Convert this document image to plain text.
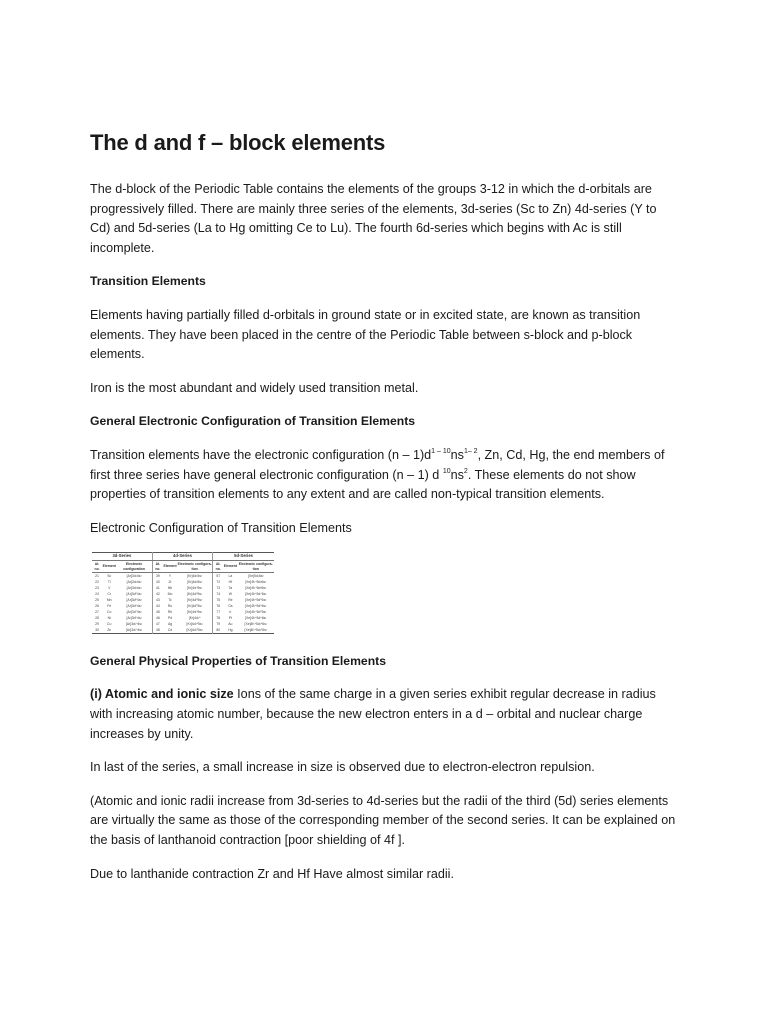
The d and f – block elements

The d-block of the Periodic Table contains the elements of the groups 3-12 in which the d-orbitals are progressively filled. There are mainly three series of the elements, 3d-series (Sc to Zn) 4d-series (Y to Cd) and 5d-series (La to Hg omitting Ce to Lu). The fourth 6d-series which begins with Ac is still incomplete.

Transition Elements

Elements having partially filled d-orbitals in ground state or in excited state, are known as transition elements. They have been placed in the centre of the Periodic Table between s-block and p-block elements.

Iron is the most abundant and widely used transition metal.

General Electronic Configuration of Transition Elements

Transition elements have the electronic configuration $(n - 1)d^{1 - 10}ns^{1- 2}$, Zn, Cd, Hg, the end members of first three series have general electronic configuration (n – 1) d $^{10}ns^2$. These elements do not show properties of transition elements to any extent and are called non-typical transition elements.

Electronic Configuration of Transition Elements

3d-Series			4d-Series			5d-Series		
At. no.	Element	Electronic configuration	At. no.	Element	Electronic configura-tion	At. no.	Element	Electronic configura-tion
21	Sc	[Ar]3d¹4s²	39	Y	[Kr]4d¹5s²	57	La	[Xe]5d¹6s²
22	Ti	[Ar]3d²4s²	40	Zr	[Kr]4d²5s²	72	Hf	[Xe]4f¹⁴5d²6s²
23	V	[Ar]3d³4s²	41	Nb	[Kr]4d⁴5s¹	73	Ta	[Xe]4f¹⁴5d³6s²
24	Cr	[Ar]3d⁵4s¹	42	Mo	[Kr]4d⁵5s¹	74	W	[Xe]4f¹⁴5d⁴6s²
25	Mn	[Ar]3d⁵4s²	43	Tc	[Kr]4d⁵5s²	75	Re	[Xe]4f¹⁴5d⁵6s²
26	Fe	[Ar]3d⁶4s²	44	Ru	[Kr]4d⁷5s¹	76	Os	[Xe]4f¹⁴5d⁶6s²
27	Co	[Ar]3d⁷4s²	45	Rh	[Kr]4d⁸5s¹	77	Ir	[Xe]4f¹⁴5d⁷6s²
28	Ni	[Ar]3d⁸4s²	46	Pd	[Kr]4d¹⁰	78	Pt	[Xe]4f¹⁴5d⁹6s¹
29	Cu	[Ar]3d¹⁰4s¹	47	Ag	[Kr]4d¹⁰5s¹	79	Au	[Xe]4f¹⁴5d¹⁰6s¹
30	Zn	[Ar]3d¹⁰4s²	48	Cd	[Kr]4d¹⁰5s²	80	Hg	[Xe]4f¹⁴5d¹⁰6s²

General Physical Properties of Transition Elements

(i) Atomic and ionic size Ions of the same charge in a given series exhibit regular decrease in radius with increasing atomic number, because the new electron enters in a d – orbital and nuclear charge increases by unity.

In last of the series, a small increase in size is observed due to electron-electron repulsion.

(Atomic and ionic radii increase from 3d-series to 4d-series but the radii of the third (5d) series elements are virtually the same as those of the corresponding member of the second series. It can be explained on the basis of lanthanoid contraction [poor shielding of 4f ].

Due to lanthanide contraction Zr and Hf Have almost similar radii.
